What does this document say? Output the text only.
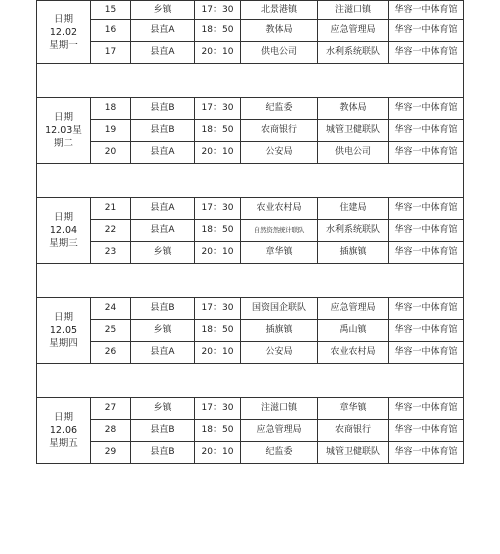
日期
12.02
星期一	15	乡镇	17：30	北景港镇	注滋口镇	华容一中体育馆
	16	县直A	18：50	教体局	应急管理局	华容一中体育馆
	17	县直A	20：10	供电公司	水利系统联队	华容一中体育馆

日期
12.03星
期二	18	县直B	17：30	纪监委	教体局	华容一中体育馆
	19	县直B	18：50	农商银行	城管卫健联队	华容一中体育馆
	20	县直A	20：10	公安局	供电公司	华容一中体育馆

日期
12.04
星期三	21	县直A	17：30	农业农村局	住建局	华容一中体育馆
	22	县直A	18：50	自然资然统计联队	水利系统联队	华容一中体育馆
	23	乡镇	20：10	章华镇	插旗镇	华容一中体育馆

日期
12.05
星期四	24	县直B	17：30	国资国企联队	应急管理局	华容一中体育馆
	25	乡镇	18：50	插旗镇	禹山镇	华容一中体育馆
	26	县直A	20：10	公安局	农业农村局	华容一中体育馆

日期
12.06
星期五	27	乡镇	17：30	注滋口镇	章华镇	华容一中体育馆
	28	县直B	18：50	应急管理局	农商银行	华容一中体育馆
	29	县直B	20：10	纪监委	城管卫健联队	华容一中体育馆
